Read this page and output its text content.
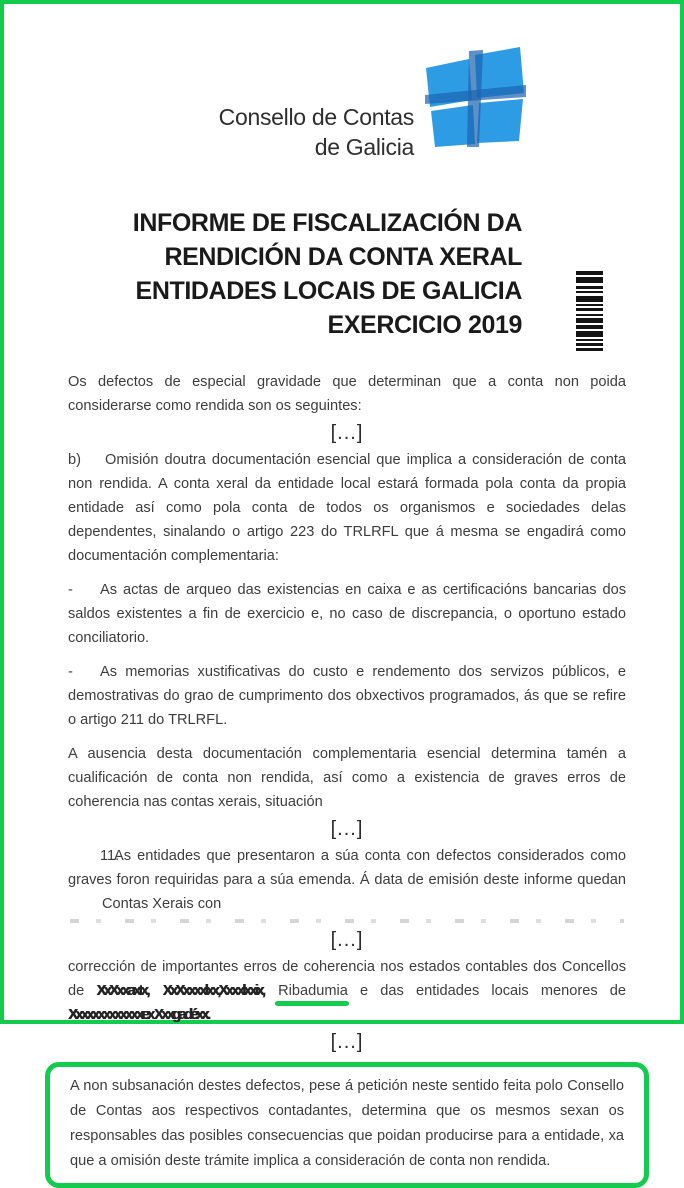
Consello de Contas
de Galicia
INFORME DE FISCALIZACIÓN DA
RENDICIÓN DA CONTA XERAL
ENTIDADES LOCAIS DE GALICIA
EXERCICIO 2019

Os defectos de especial gravidade que determinan que a conta non poida considerarse como rendida son os seguintes:

[...]

b) Omisión doutra documentación esencial que implica a consideración de conta non rendida. A conta xeral da entidade local estará formada pola conta da propia entidade así como pola conta de todos os organismos e sociedades delas dependentes, sinalando o artigo 223 do TRLRFL que á mesma se engadirá como documentación complementaria:

- As actas de arqueo das existencias en caixa e as certificacións bancarias dos saldos existentes a fin de exercicio e, no caso de discrepancia, o oportuno estado conciliatorio.

- As memorias xustificativas do custo e rendemento dos servizos públicos, e demostrativas do grao de cumprimento dos obxectivos programados, ás que se refire o artigo 211 do TRLRFL.

A ausencia desta documentación complementaria esencial determina tamén a cualificación de conta non rendida, así como a existencia de graves erros de coherencia nas contas xerais, situación

[...]

11.As entidades que presentaron a súa conta con defectos considerados como graves foron requiridas para a súa emenda. Á data de emisión deste informe quedanContas Xerais con

[...]

corrección de importantes erros de coherencia nos estados contables dos Concellos de XxXxxaxtx, XxXxxxxlxx,Xxxxlxxix, Ribadumia e das entidades locais menores de Xxxxxxxxxxxxxex Xxxgadéxx.

[...]

A non subsanación destes defectos, pese á petición neste sentido feita polo Consello de Contas aos respectivos contadantes, determina que os mesmos sexan os responsables das posibles consecuencias que poidan producirse para a entidade, xa que a omisión deste trámite implica a consideración de conta non rendida.
